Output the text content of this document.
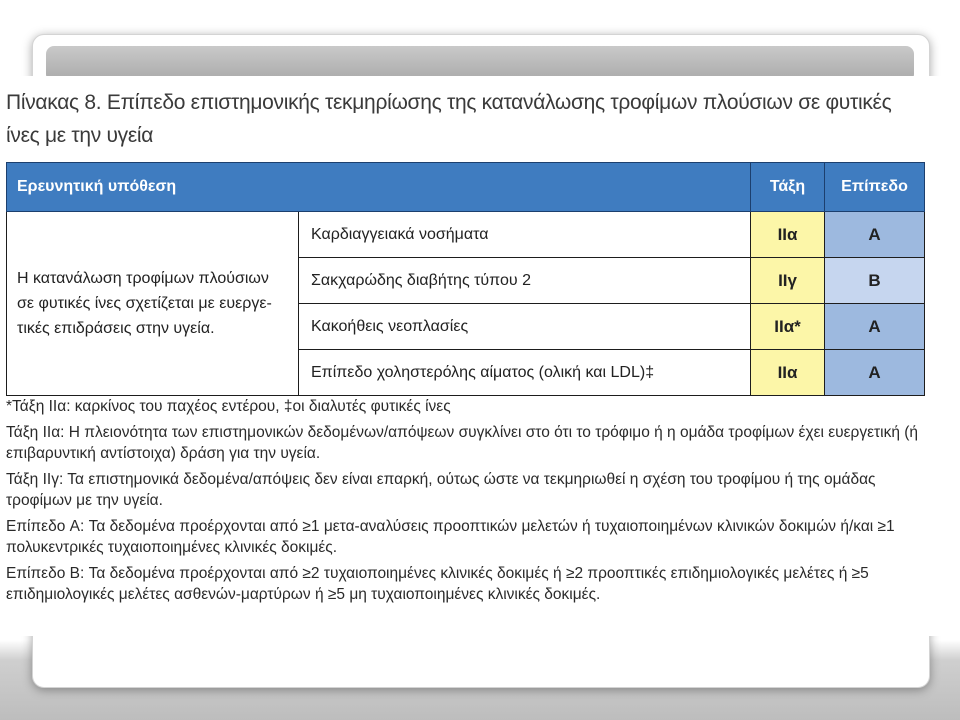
Πίνακας 8. Επίπεδο επιστημονικής τεκμηρίωσης της κατανάλωσης τροφίμων πλούσιων σε φυτικές ίνες με την υγεία
Ερευνητική υπόθεση		Τάξη	Επίπεδο
Η κατανάλωση τροφίμων πλούσιων σε φυτικές ίνες σχετίζεται με ευεργε- τικές επιδράσεις στην υγεία.	Καρδιαγγειακά νοσήματα	IIα	A
	Σακχαρώδης διαβήτης τύπου 2	IIγ	B
	Κακοήθεις νεοπλασίες	IIα*	A
	Επίπεδο χοληστερόλης αίματος (ολική και LDL)‡	IIα	A

*Τάξη IIα: καρκίνος του παχέος εντέρου, ‡οι διαλυτές φυτικές ίνες

Τάξη IIα: Η πλειονότητα των επιστημονικών δεδομένων/απόψεων συγκλίνει στο ότι το τρόφιμο ή η ομάδα τροφίμων έχει ευεργετική (ή επιβαρυντική αντίστοιχα) δράση για την υγεία.

Τάξη IIγ: Τα επιστημονικά δεδομένα/απόψεις δεν είναι επαρκή, ούτως ώστε να τεκμηριωθεί η σχέση του τροφίμου ή της ομάδας τροφίμων με την υγεία.

Επίπεδο A: Τα δεδομένα προέρχονται από ≥1 μετα-αναλύσεις προοπτικών μελετών ή τυχαιοποιημένων κλινικών δοκιμών ή/και ≥1 πολυκεντρικές τυχαιοποιημένες κλινικές δοκιμές.

Επίπεδο B: Τα δεδομένα προέρχονται από ≥2 τυχαιοποιημένες κλινικές δοκιμές ή ≥2 προοπτικές επιδημιολογικές μελέτες ή ≥5 επιδημιολογικές μελέτες ασθενών-μαρτύρων ή ≥5 μη τυχαιοποιημένες κλινικές δοκιμές.
